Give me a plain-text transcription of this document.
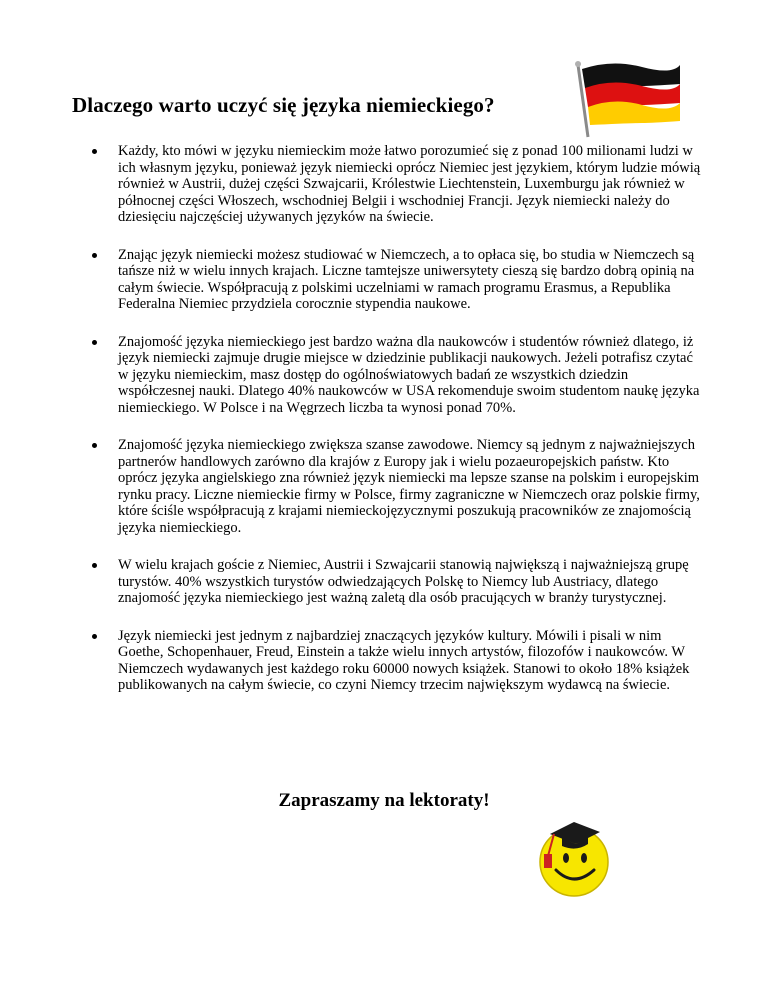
Dlaczego warto uczyć się języka niemieckiego?
Każdy, kto mówi w języku niemieckim może łatwo porozumieć się z ponad 100 milionami ludzi w ich własnym języku, ponieważ język niemiecki oprócz Niemiec jest językiem, którym ludzie mówią również w Austrii, dużej części Szwajcarii, Królestwie Liechtenstein, Luxemburgu jak również w północnej części Włoszech, wschodniej Belgii i wschodniej Francji. Język niemiecki należy do dziesięciu najczęściej używanych języków na świecie.
Znając język niemiecki możesz studiować w Niemczech, a to opłaca się, bo studia w Niemczech są tańsze niż w wielu innych krajach. Liczne tamtejsze uniwersytety cieszą się bardzo dobrą opinią na całym świecie. Współpracują z polskimi uczelniami w ramach programu Erasmus, a Republika Federalna Niemiec przydziela corocznie stypendia naukowe.
Znajomość języka niemieckiego jest bardzo ważna dla naukowców i studentów również dlatego, iż język niemiecki zajmuje drugie miejsce w dziedzinie publikacji naukowych. Jeżeli potrafisz czytać w języku niemieckim, masz dostęp do ogólnoświatowych badań ze wszystkich dziedzin współczesnej nauki. Dlatego 40% naukowców w USA rekomenduje swoim studentom naukę języka niemieckiego. W Polsce i na Węgrzech liczba ta wynosi ponad 70%.
Znajomość języka niemieckiego zwiększa szanse zawodowe. Niemcy są jednym z najważniejszych partnerów handlowych zarówno dla krajów z Europy jak i wielu pozaeuropejskich państw. Kto oprócz języka angielskiego zna również język niemiecki ma lepsze szanse na polskim i europejskim rynku pracy. Liczne niemieckie firmy w Polsce, firmy zagraniczne w Niemczech oraz polskie firmy, które ściśle współpracują z krajami niemieckojęzycznymi poszukują pracowników ze znajomością języka niemieckiego.
W wielu krajach goście z Niemiec, Austrii i Szwajcarii stanowią największą i najważniejszą grupę turystów. 40% wszystkich turystów odwiedzających Polskę to Niemcy lub Austriacy, dlatego znajomość języka niemieckiego jest ważną zaletą dla osób pracujących w branży turystycznej.
Język niemiecki jest jednym z najbardziej znaczących języków kultury. Mówili i pisali w nim Goethe, Schopenhauer, Freud, Einstein a także wielu innych artystów, filozofów i naukowców. W Niemczech wydawanych jest każdego roku 60000 nowych książek. Stanowi to około 18% książek publikowanych na całym świecie, co czyni Niemcy trzecim największym wydawcą na świecie.

Zapraszamy na lektoraty!
